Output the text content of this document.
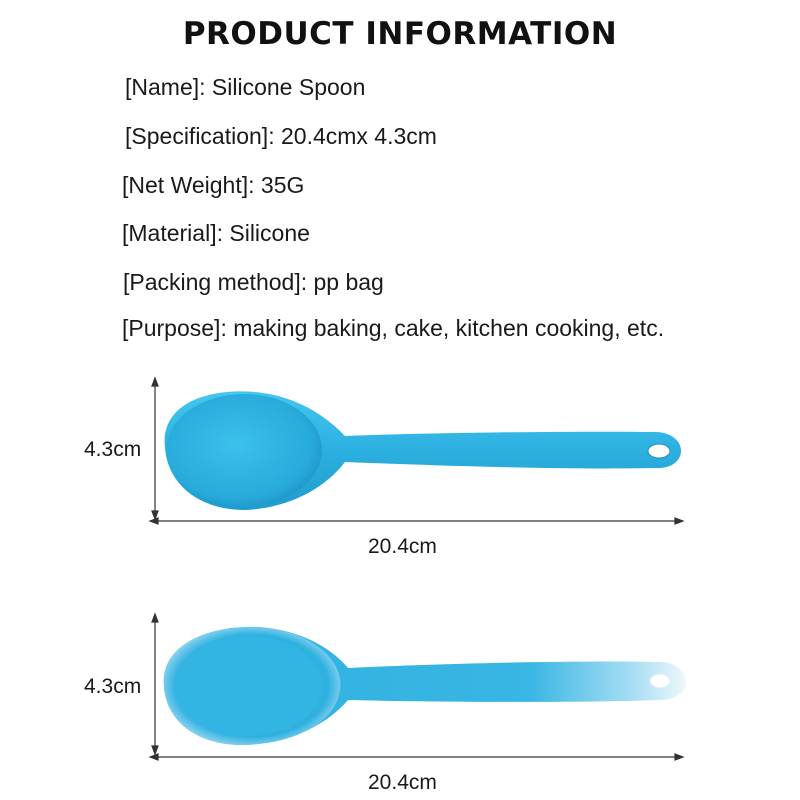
PRODUCT INFORMATION
[Name]: Silicone Spoon
[Specification]: 20.4cmx 4.3cm
[Net Weight]: 35G
[Material]: Silicone
[Packing method]: pp bag
[Purpose]: making baking, cake, kitchen cooking, etc.
4.3cm
20.4cm
4.3cm
20.4cm
